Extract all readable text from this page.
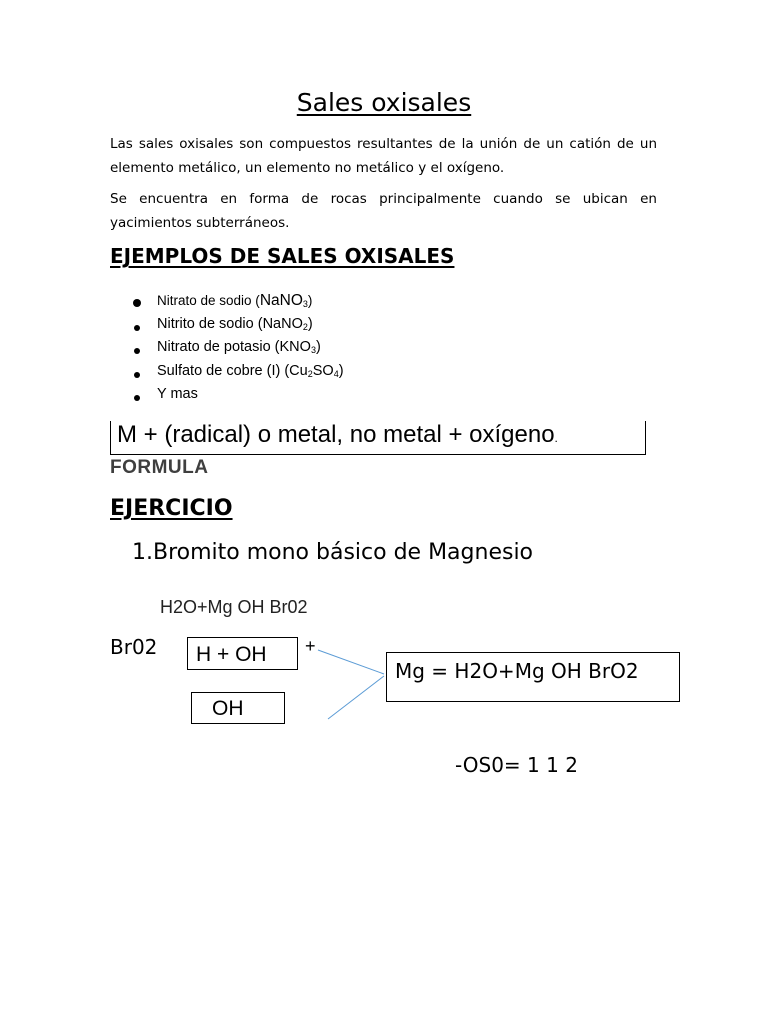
Sales oxisales
Las sales oxisales son compuestos resultantes de la unión de un catión de un elemento metálico, un elemento no metálico y el oxígeno.
Se encuentra en forma de rocas principalmente cuando se ubican en yacimientos subterráneos.
EJEMPLOS DE SALES OXISALES
Nitrato de sodio (NaNO$_3$)
Nitrito de sodio (NaNO$_2$)
Nitrato de potasio $(KNO_3)$
Sulfato de cobre (I) $(Cu_2SO_4)$
Y mas
M + (radical) o metal, no metal + oxígeno.
FORMULA
EJERCICIO
1.Bromito mono básico de Magnesio
H2O+Mg OH Br02
Br02	H + OH	+
OH
Mg = H2O+Mg OH BrO2
-OS0= 1 1 2
